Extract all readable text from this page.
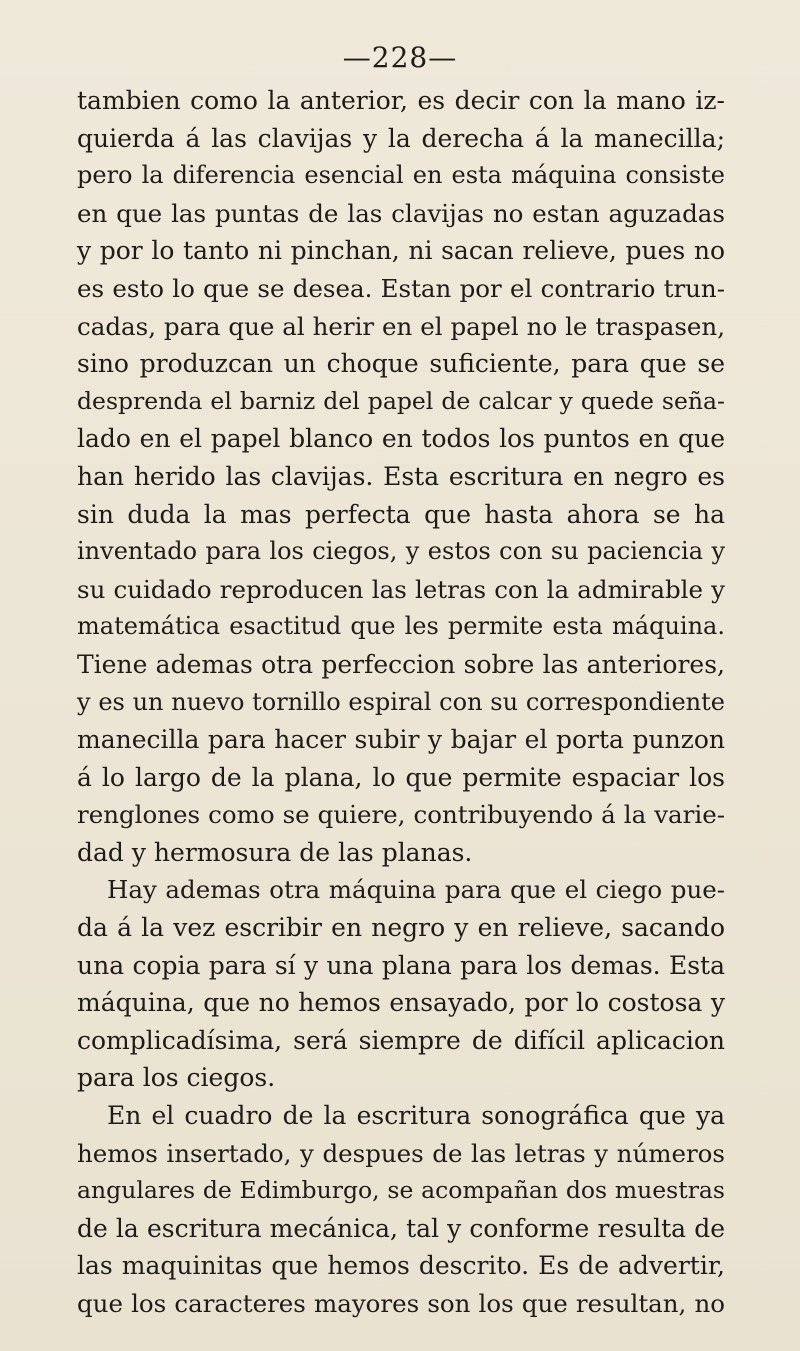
—228—
tambien como la anterior, es decir con la mano iz-
quierda á las clavijas y la derecha á la manecilla;
pero la diferencia esencial en esta máquina consiste
en que las puntas de las clavijas no estan aguzadas
y por lo tanto ni pinchan, ni sacan relieve, pues no
es esto lo que se desea. Estan por el contrario trun-
cadas, para que al herir en el papel no le traspasen,
sino produzcan un choque suficiente, para que se
desprenda el barniz del papel de calcar y quede seña-
lado en el papel blanco en todos los puntos en que
han herido las clavijas. Esta escritura en negro es
sin duda la mas perfecta que hasta ahora se ha
inventado para los ciegos, y estos con su paciencia y
su cuidado reproducen las letras con la admirable y
matemática esactitud que les permite esta máquina.
Tiene ademas otra perfeccion sobre las anteriores,
y es un nuevo tornillo espiral con su correspondiente
manecilla para hacer subir y bajar el porta punzon
á lo largo de la plana, lo que permite espaciar los
renglones como se quiere, contribuyendo á la varie-
dad y hermosura de las planas.
Hay ademas otra máquina para que el ciego pue-
da á la vez escribir en negro y en relieve, sacando
una copia para sí y una plana para los demas. Esta
máquina, que no hemos ensayado, por lo costosa y
complicadísima, será siempre de difícil aplicacion
para los ciegos.
En el cuadro de la escritura sonográfica que ya
hemos insertado, y despues de las letras y números
angulares de Edimburgo, se acompañan dos muestras
de la escritura mecánica, tal y conforme resulta de
las maquinitas que hemos descrito. Es de advertir,
que los caracteres mayores son los que resultan, no
